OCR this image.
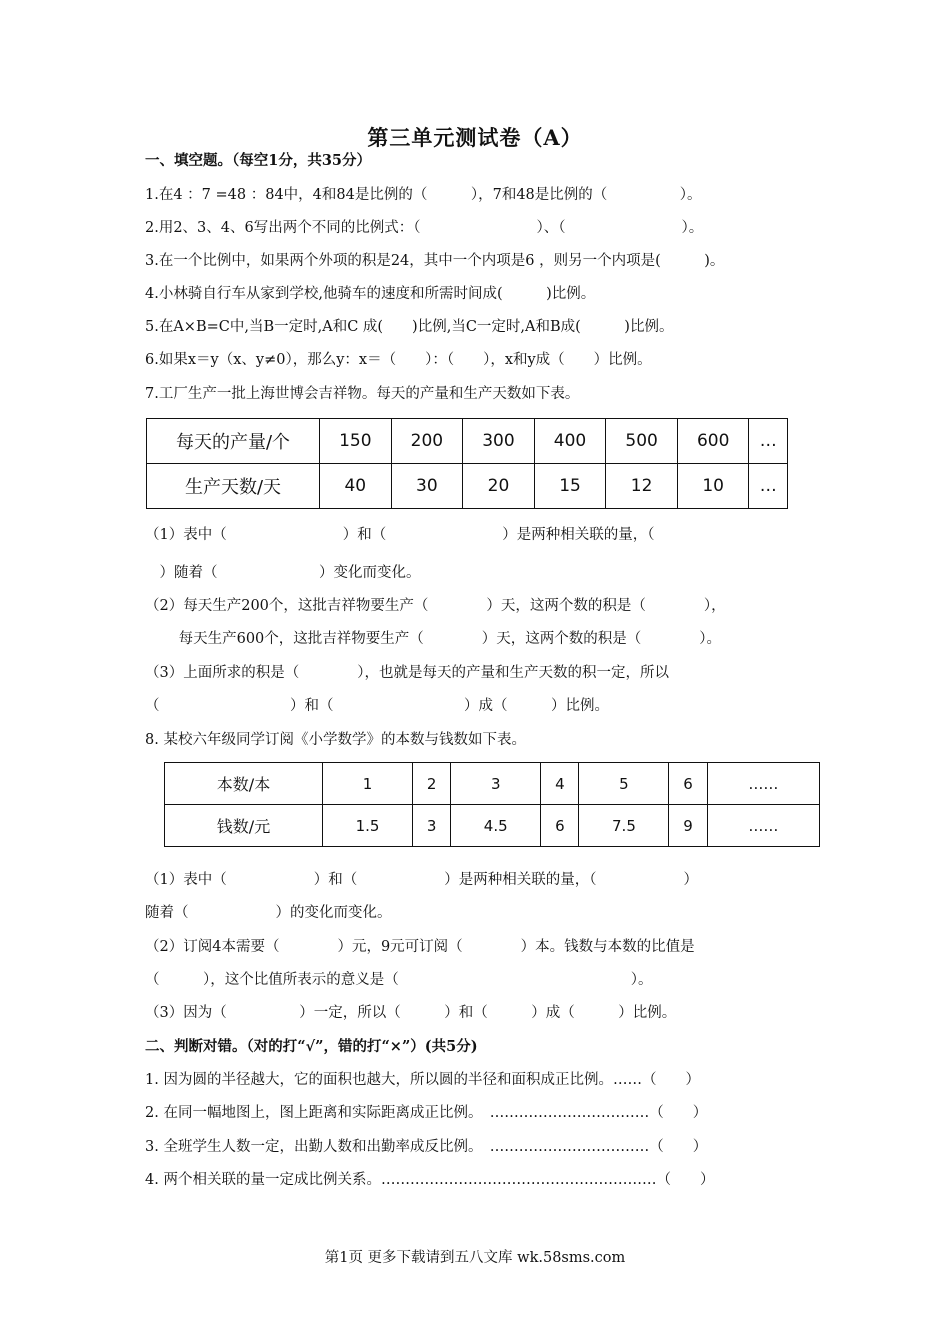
第三单元测试卷（A）
一、填空题。（每空1分，共35分）
1.在4 ：7 =48 ：84中，4和84是比例的（　　　），7和48是比例的（　　　　　）。
2.用2、3、4、6写出两个不同的比例式：（　　　　　　　　）、（　　　　　　　　）。
3.在一个比例中，如果两个外项的积是24，其中一个内项是6 ，则另一个内项是(　　　)。
4.小林骑自行车从家到学校,他骑车的速度和所需时间成(　　　)比例。
5.在A×B=C中,当B一定时,A和C 成(　　)比例,当C一定时,A和B成(　　　)比例。
6.如果x＝y（x、y≠0），那么y：x＝（　　）：（　　），x和y成（　　）比例。
7.工厂生产一批上海世博会吉祥物。每天的产量和生产天数如下表。
每天的产量/个	150	200	300	400	500	600	…
生产天数/天	40	30	20	15	12	10	…
（1）表中（　　　　　　　　）和（　　　　　　　　）是两种相关联的量，（
　）随着（　　　　　　　）变化而变化。
（2）每天生产200个，这批吉祥物要生产（　　　　）天，这两个数的积是（　　　　），
　　 每天生产600个，这批吉祥物要生产（　　　　）天，这两个数的积是（　　　　）。
（3）上面所求的积是（　　　　），也就是每天的产量和生产天数的积一定，所以
（　　　　　　　　　）和（　　　　　　　　　）成（　　　）比例。
8. 某校六年级同学订阅《小学数学》的本数与钱数如下表。
本数/本	1	2	3	4	5	6	……
钱数/元	1.5	3	4.5	6	7.5	9	……
（1）表中（　　　　　　）和（　　　　　　）是两种相关联的量，（　　　　　　）
随着（　　　　　　）的变化而变化。
（2）订阅4本需要（　　　　）元，9元可订阅（　　　　）本。钱数与本数的比值是
（　　　），这个比值所表示的意义是（　　　　　　　　　　　　　　　　）。
（3）因为（　　　　　）一定，所以（　　　）和（　　　）成（　　　）比例。
二、判断对错。（对的打“√”，错的打“×”）(共5分)
1. 因为圆的半径越大，它的面积也越大，所以圆的半径和面积成正比例。……（　　）
2. 在同一幅地图上，图上距离和实际距离成正比例。　……………………………（　　）
3. 全班学生人数一定，出勤人数和出勤率成反比例。　……………………………（　　）
4. 两个相关联的量一定成比例关系。…………………………………………………（　　）
第1页 更多下载请到五八文库 wk.58sms.com
